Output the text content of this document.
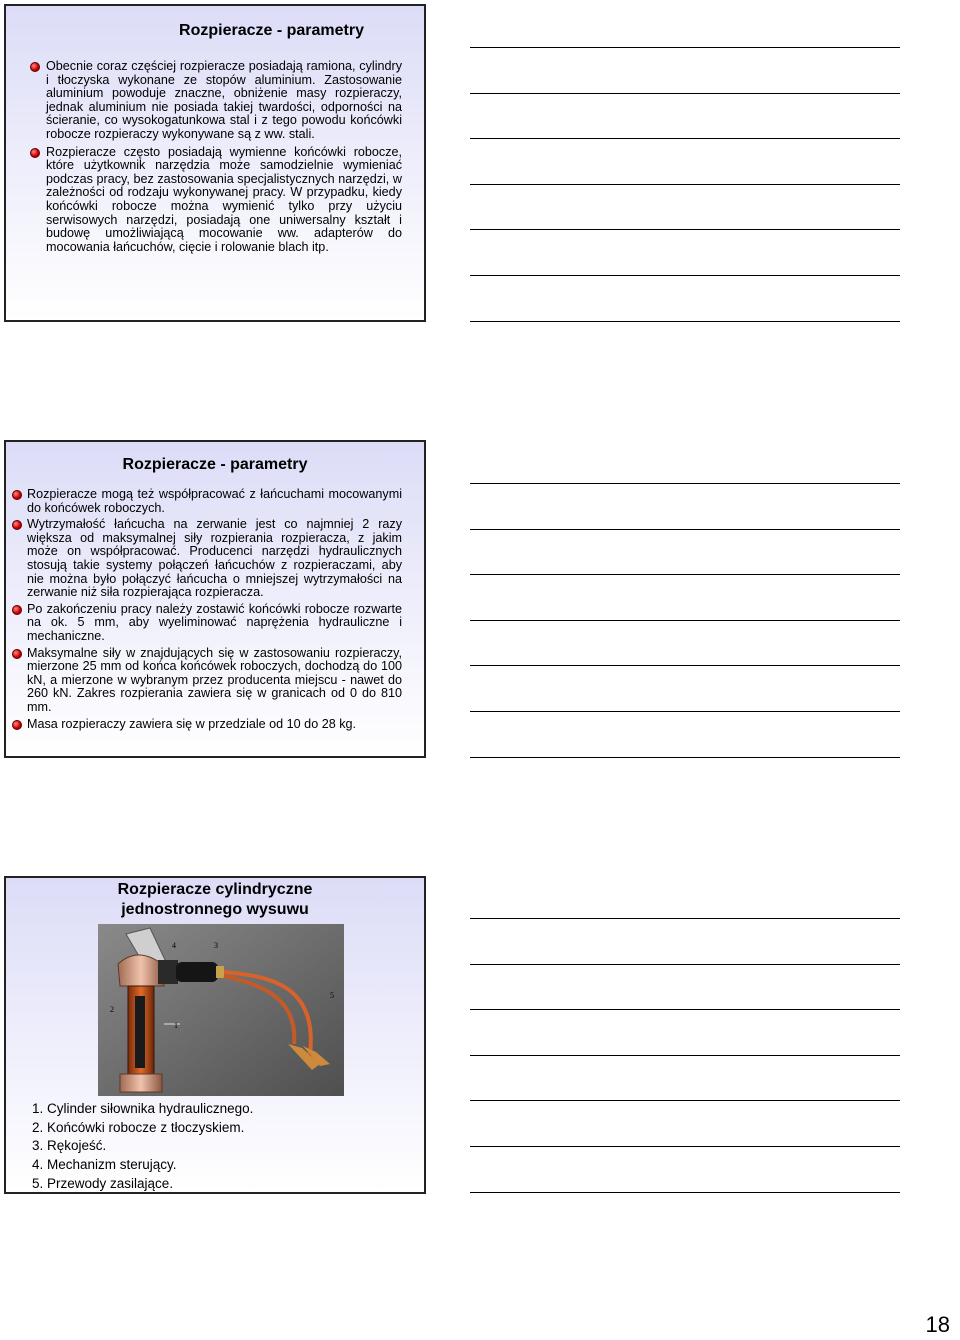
Rozpieracze - parametry
Obecnie coraz częściej rozpieracze posiadają ramiona, cylindry i tłoczyska wykonane ze stopów aluminium. Zastosowanie aluminium powoduje znaczne, obniżenie masy rozpieraczy, jednak aluminium nie posiada takiej twardości, odporności na ścieranie, co wysokogatunkowa stal i z tego powodu końcówki robocze rozpieraczy wykonywane są z ww. stali.
Rozpieracze często posiadają wymienne końcówki robocze, które użytkownik narzędzia może samodzielnie wymieniać podczas pracy, bez zastosowania specjalistycznych narzędzi, w zależności od rodzaju wykonywanej pracy. W przypadku, kiedy końcówki robocze można wymienić tylko przy użyciu serwisowych narzędzi, posiadają one uniwersalny kształt i budowę umożliwiającą mocowanie ww. adapterów do mocowania łańcuchów, cięcie i rolowanie blach itp.
Rozpieracze - parametry
Rozpieracze mogą też współpracować z łańcuchami mocowanymi do końcówek roboczych.
Wytrzymałość łańcucha na zerwanie jest co najmniej 2 razy większa od maksymalnej siły rozpierania rozpieracza, z jakim może on współpracować. Producenci narzędzi hydraulicznych stosują takie systemy połączeń łańcuchów z rozpieraczami, aby nie można było połączyć łańcucha o mniejszej wytrzymałości na zerwanie niż siła rozpierająca rozpieracza.
Po zakończeniu pracy należy zostawić końcówki robocze rozwarte na ok. 5 mm, aby wyeliminować naprężenia hydrauliczne i mechaniczne.
Maksymalne siły w znajdujących się w zastosowaniu rozpieraczy, mierzone 25 mm od końca końcówek roboczych, dochodzą do 100 kN, a mierzone w wybranym przez producenta miejscu - nawet do 260 kN. Zakres rozpierania zawiera się w granicach od 0 do 810 mm.
Masa rozpieraczy zawiera się w przedziale od 10 do 28 kg.
Rozpieracze cylindryczne
jednostronnego wysuwu
4	3
5
2
1
1. Cylinder siłownika hydraulicznego.
2. Końcówki robocze z tłoczyskiem.
3. Rękojeść.
4. Mechanizm sterujący.
5. Przewody zasilające.
18
